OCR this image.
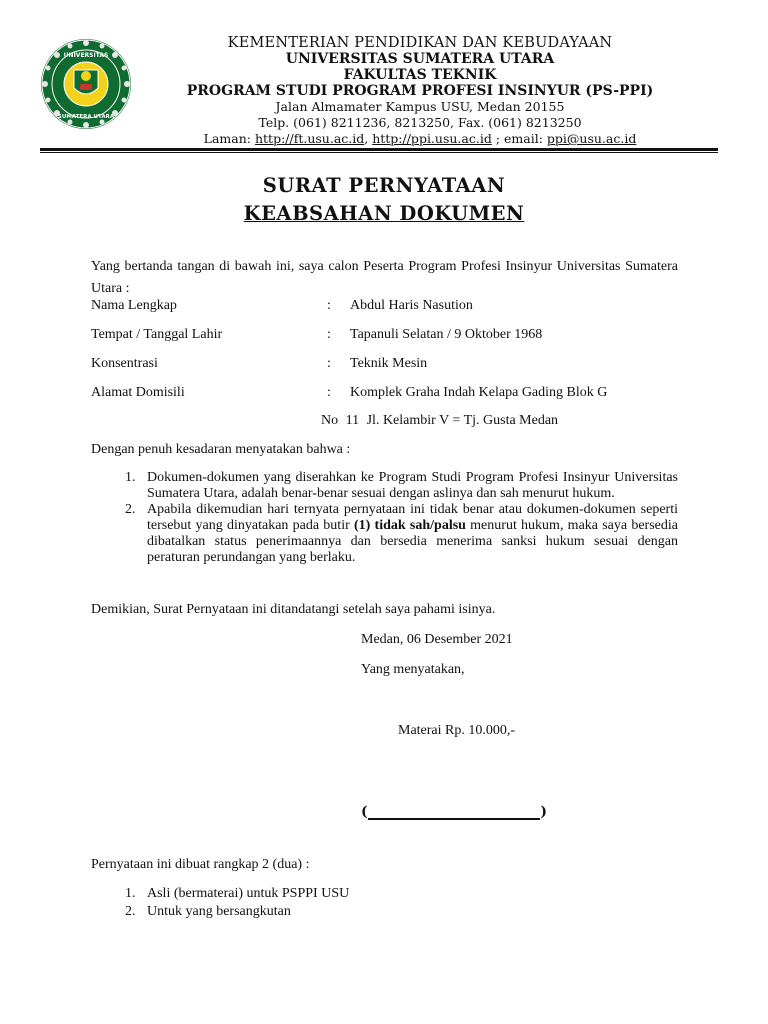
UNIVERSITAS
SUMATERA UTARA
KEMENTERIAN PENDIDIKAN DAN KEBUDAYAAN
UNIVERSITAS SUMATERA UTARA
FAKULTAS TEKNIK
PROGRAM STUDI PROGRAM PROFESI INSINYUR (PS-PPI)
Jalan Almamater Kampus USU, Medan 20155
Telp. (061) 8211236, 8213250, Fax. (061) 8213250
Laman: http://ft.usu.ac.id, http://ppi.usu.ac.id ; email: ppi@usu.ac.id
SURAT PERNYATAAN
KEABSAHAN DOKUMEN
Yang bertanda tangan di bawah ini, saya calon Peserta Program Profesi Insinyur Universitas Sumatera Utara :
Nama Lengkap	: Abdul Haris Nasution
Tempat / Tanggal Lahir	: Tapanuli Selatan / 9 Oktober 1968
Konsentrasi	: Teknik Mesin
Alamat Domisili	: Komplek Graha Indah Kelapa Gading Blok G
No 11 Jl. Kelambir V = Tj. Gusta Medan
Dengan penuh kesadaran menyatakan bahwa :
1. Dokumen-dokumen yang diserahkan ke Program Studi Program Profesi Insinyur Universitas Sumatera Utara, adalah benar-benar sesuai dengan aslinya dan sah menurut hukum.
2. Apabila dikemudian hari ternyata pernyataan ini tidak benar atau dokumen-dokumen seperti tersebut yang dinyatakan pada butir (1) tidak sah/palsu menurut hukum, maka saya bersedia dibatalkan status penerimaannya dan bersedia menerima sanksi hukum sesuai dengan peraturan perundangan yang berlaku.
Demikian, Surat Pernyataan ini ditandatangi setelah saya pahami isinya.
Medan, 06 Desember 2021
Yang menyatakan,
Materai Rp. 10.000,-
(	)
Pernyataan ini dibuat rangkap 2 (dua) :
1. Asli (bermaterai) untuk PSPPI USU
2. Untuk yang bersangkutan
